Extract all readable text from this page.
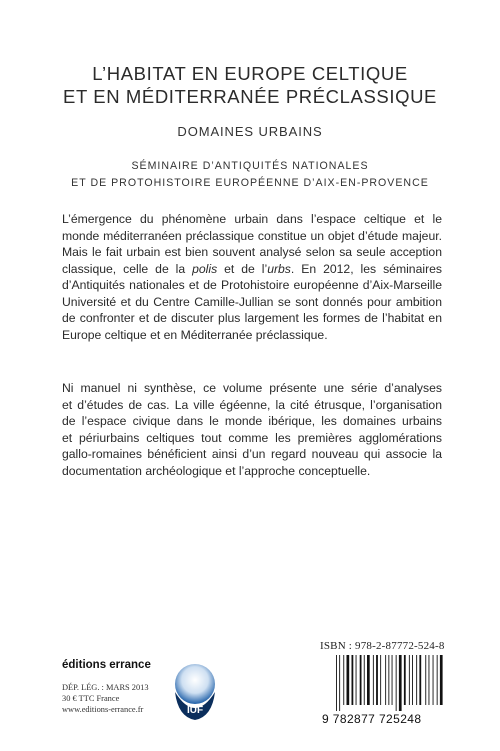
L’HABITAT EN EUROPE CELTIQUE
ET EN MÉDITERRANÉE PRÉCLASSIQUE
DOMAINES URBAINS
SÉMINAIRE D’ANTIQUITÉS NATIONALES
ET DE PROTOHISTOIRE EUROPÉENNE D’AIX-EN-PROVENCE
L’émergence du phénomène urbain dans l’espace celtique et le
monde méditerranéen préclassique constitue un objet d’étude majeur.
Mais le fait urbain est bien souvent analysé selon sa seule acception
classique, celle de la polis et de l’urbs. En 2012, les séminaires
d’Antiquités nationales et de Protohistoire européenne d’Aix-Marseille
Université et du Centre Camille-Jullian se sont donnés pour ambition
de confronter et de discuter plus largement les formes de l’habitat en
Europe celtique et en Méditerranée préclassique.
Ni manuel ni synthèse, ce volume présente une série d’analyses
et d’études de cas. La ville égéenne, la cité étrusque, l’organisation
de l’espace civique dans le monde ibérique, les domaines urbains
et périurbains celtiques tout comme les premières agglomérations
gallo-romaines bénéficient ainsi d’un regard nouveau qui associe la
documentation archéologique et l’approche conceptuelle.
éditions errance
DÉP. LÉG. : MARS 2013
30 € TTC France
www.editions-errance.fr	IUF
ISBN : 978-2-87772-524-8
9 782877 725248
